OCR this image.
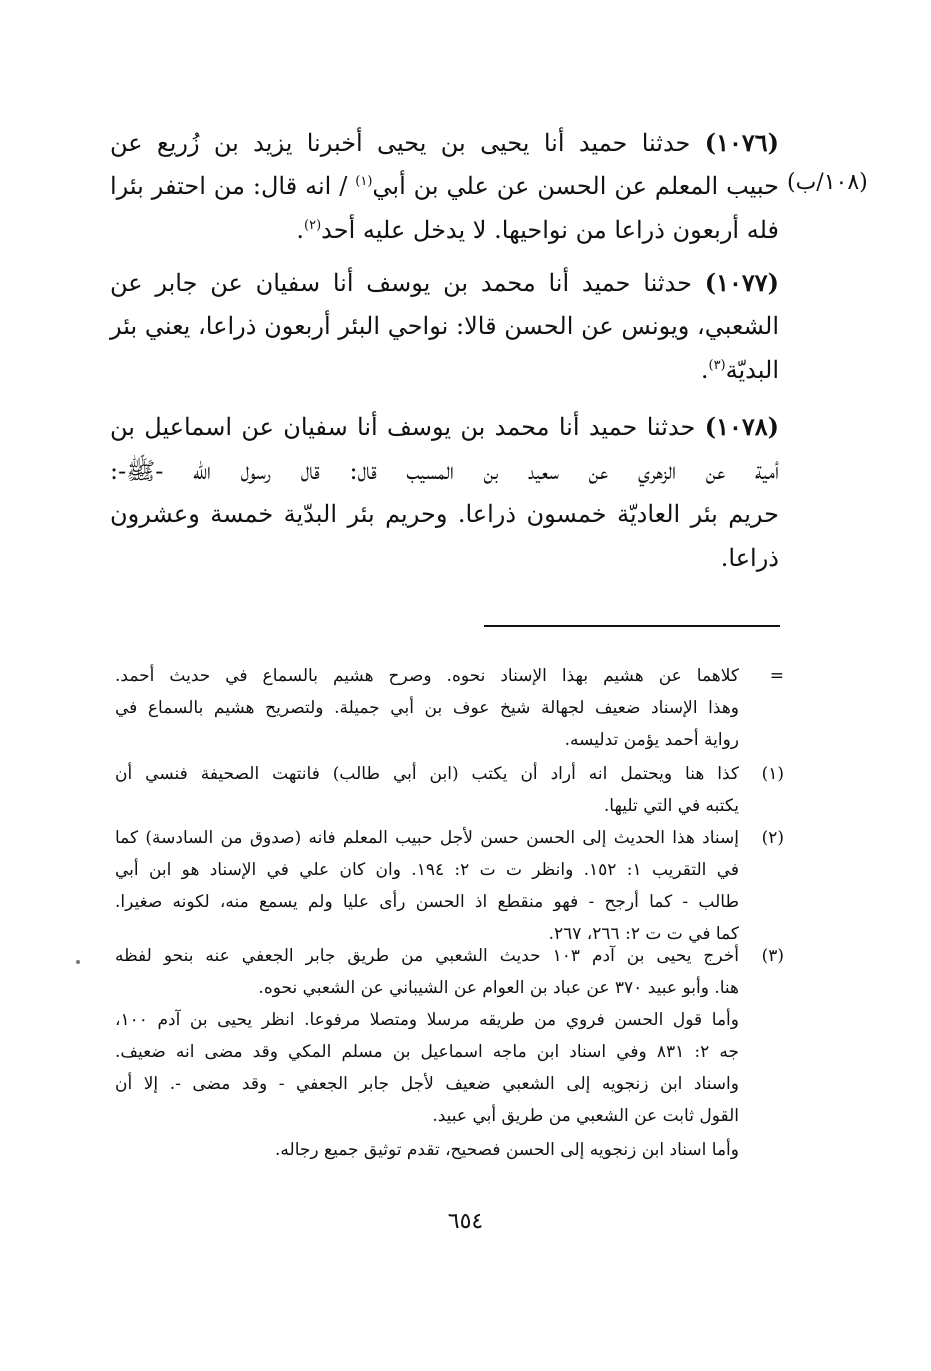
(١٠٧٦) حدثنا حميد أنا يحيى بن يحيى أخبرنا يزيد بن زُريع عن
(١٠٨/ب)
حبيب المعلم عن الحسن عن علي بن أبي$^{(١)}$ / انه قال: من احتفر بئرا
فله أربعون ذراعا من نواحيها. لا يدخل عليه أحد$^{(٢)}$.
(١٠٧٧) حدثنا حميد أنا محمد بن يوسف أنا سفيان عن جابر عن
الشعبي، ويونس عن الحسن قالا: نواحي البئر أربعون ذراعا، يعني بئر
البديّة$^{(٣)}$.
(١٠٧٨) حدثنا حميد أنا محمد بن يوسف أنا سفيان عن اسماعيل بن
أمية عن الزهري عن سعيد بن المسيب قال: قال رسول الله -ﷺ-:
حريم بئر العاديّة خمسون ذراعا. وحريم بئر البدّية خمسة وعشرون
ذراعا.
=
كلاهما عن هشيم بهذا الإسناد نحوه. وصرح هشيم بالسماع في حديث أحمد.
وهذا الإسناد ضعيف لجهالة شيخ عوف بن أبي جميلة. ولتصريح هشيم بالسماع في
رواية أحمد يؤمن تدليسه.
(١)
كذا هنا ويحتمل انه أراد أن يكتب (ابن أبي طالب) فانتهت الصحيفة فنسي أن
يكتبه في التي تليها.
(٢)
إسناد هذا الحديث إلى الحسن حسن لأجل حبيب المعلم فانه (صدوق من السادسة) كما
في التقريب ١: ١٥٢. وانظر ت ت ٢: ١٩٤. وان كان علي في الإسناد هو ابن أبي
طالب - كما أرجح - فهو منقطع اذ الحسن رأى عليا ولم يسمع منه، لكونه صغيرا.
كما في ت ت ٢: ٢٦٦، ٢٦٧.
(٣)
أخرج يحيى بن آدم ١٠٣ حديث الشعبي من طريق جابر الجعفي عنه بنحو لفظه
هنا. وأبو عبيد ٣٧٠ عن عباد بن العوام عن الشيباني عن الشعبي نحوه.
وأما قول الحسن فروي من طريقه مرسلا ومتصلا مرفوعا. انظر يحيى بن آدم ١٠٠،
جه ٢: ٨٣١ وفي اسناد ابن ماجه اسماعيل بن مسلم المكي وقد مضى انه ضعيف.
واسناد ابن زنجويه إلى الشعبي ضعيف لأجل جابر الجعفي - وقد مضى -. إلا أن
القول ثابت عن الشعبي من طريق أبي عبيد.
وأما اسناد ابن زنجويه إلى الحسن فصحيح، تقدم توثيق جميع رجاله.
٦٥٤
